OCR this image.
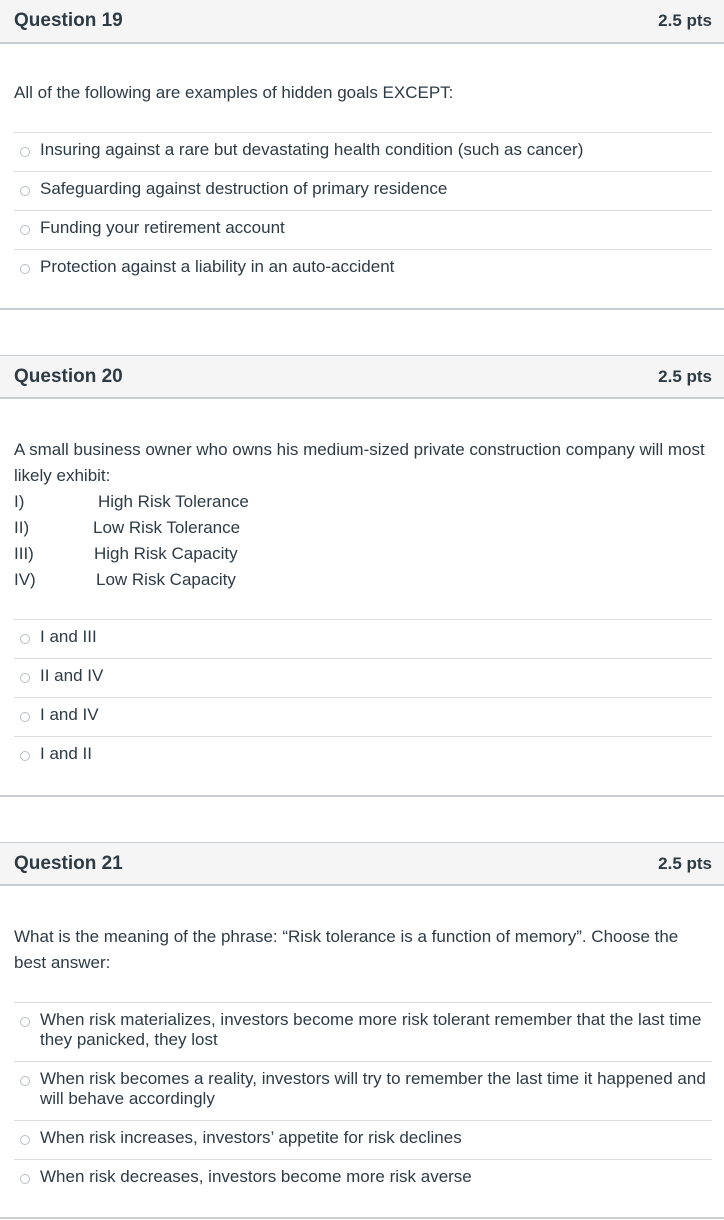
Question 19	2.5 pts
All of the following are examples of hidden goals EXCEPT:
Insuring against a rare but devastating health condition (such as cancer)
Safeguarding against destruction of primary residence
Funding your retirement account
Protection against a liability in an auto-accident
Question 20	2.5 pts
A small business owner who owns his medium-sized private construction company will most likely exhibit:
I)	High Risk Tolerance
II)	Low Risk Tolerance
III)	High Risk Capacity
IV)	Low Risk Capacity
I and III
II and IV
I and IV
I and II
Question 21	2.5 pts
What is the meaning of the phrase: “Risk tolerance is a function of memory”. Choose the best answer:
When risk materializes, investors become more risk tolerant remember that the last time they panicked, they lost
When risk becomes a reality, investors will try to remember the last time it happened and will behave accordingly
When risk increases, investors’ appetite for risk declines
When risk decreases, investors become more risk averse
